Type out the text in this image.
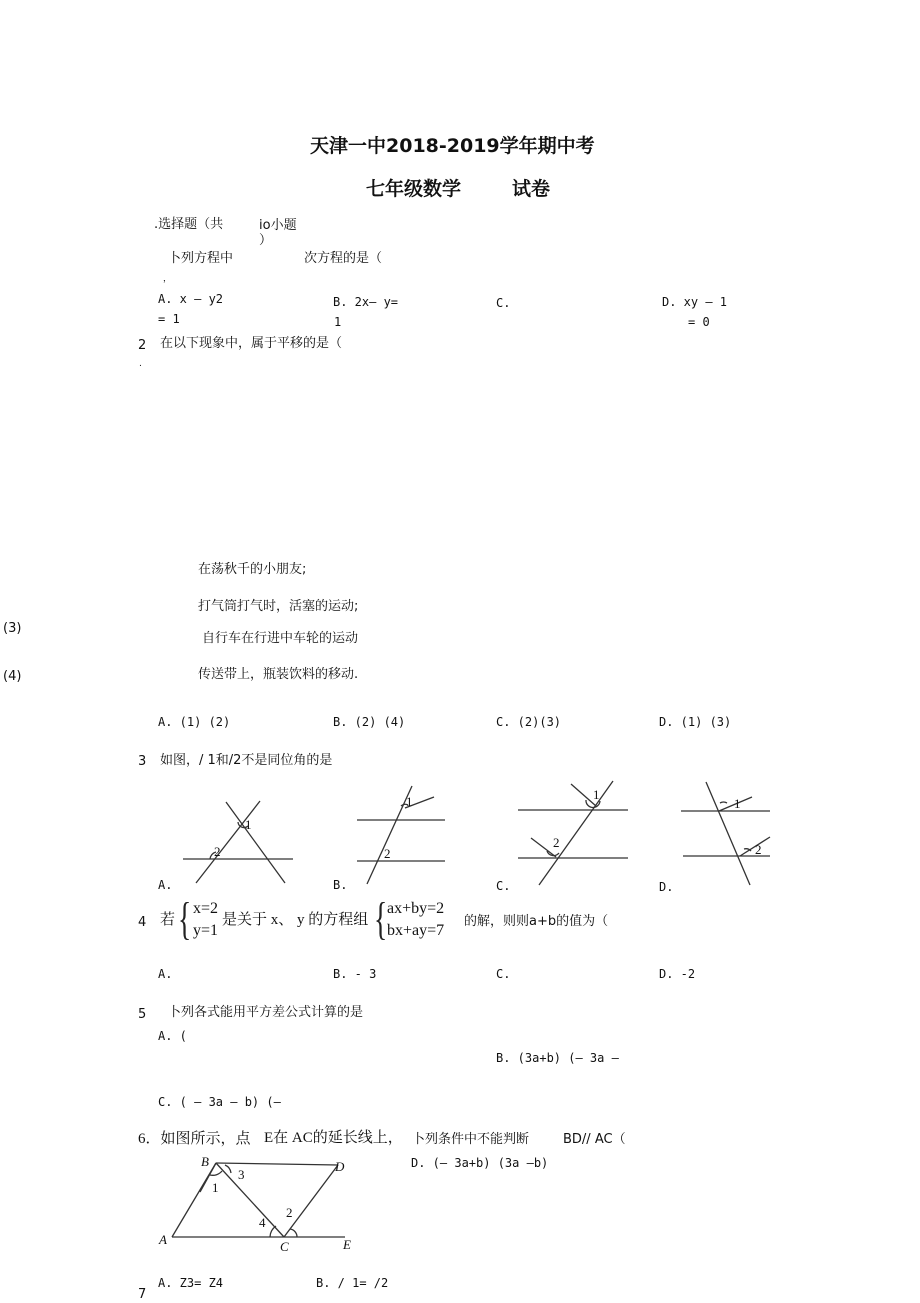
天津一中2018-2019学年期中考
七年级数学	试卷
.选择题（共	io小题
）
卜列方程中	次方程的是（
，
A. x – y2
= 1
B. 2x— y=
1
C.	D. xy — 1
= 0
2 在以下现象中，属于平移的是（
.
在荡秋千的小朋友;
打气筒打气时，活塞的运动;
(3)
自行车在行进中车轮的运动
(4)	传送带上，瓶装饮料的移动.
A. (1) (2)	B. (2) (4)	C. (2)(3)	D. (1) (3)
3 如图，/ 1和/2不是同位角的是
1
2
1
2
1
2
1
2
A.	B.	C.	D.
4 若 { x=2
y=1
是关于 x、 y 的方程组 { ax+by=2
bx+ay=7
的解，则则a+b的值为（
A.	B. - 3	C.	D. -2
5 卜列各式能用平方差公式计算的是
A. (
B. (3a+b) (— 3a —
C. ( — 3a — b) (—
6．如图所示，点 E在 AC的延长线上， 卜列条件中不能判断	BD// AC（
D. (— 3a+b) (3a —b)
B	D
A	C	E
1
2
3
4
A. Z3= Z4	B. / 1= /2
7
